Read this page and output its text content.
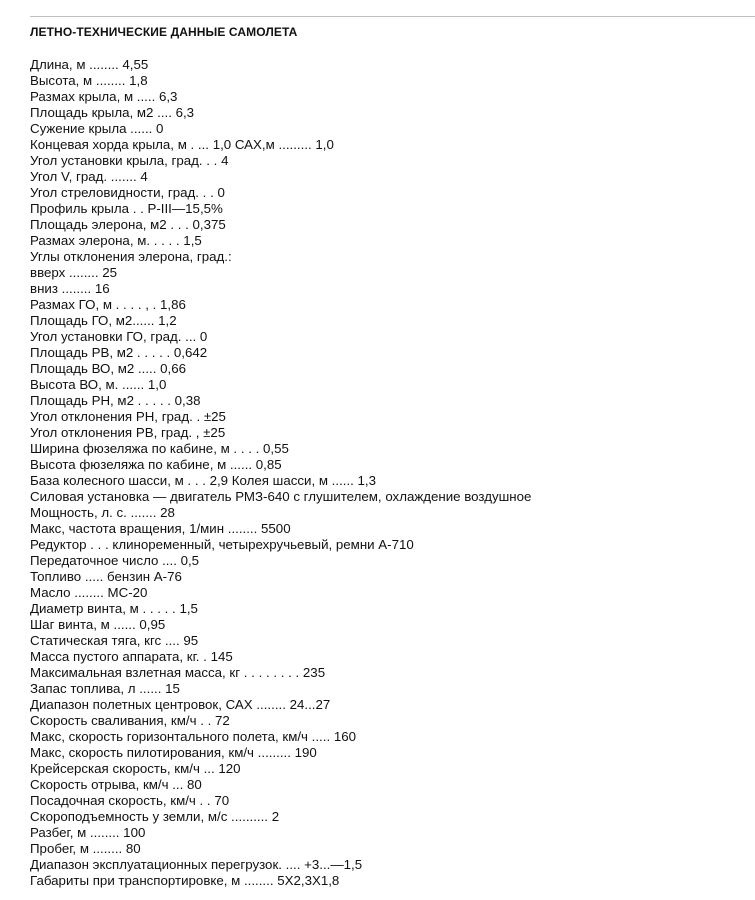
ЛЕТНО-ТЕХНИЧЕСКИЕ ДАННЫЕ САМОЛЕТА
Длина, м ........ 4,55
Высота, м ........ 1,8
Размах крыла, м ..... 6,3
Площадь крыла, м2 .... 6,3
Сужение крыла ...... 0
Концевая хорда крыла, м . ... 1,0 САХ,м ......... 1,0
Угол установки крыла, град. . . 4
Угол V, град. ....... 4
Угол стреловидности, град. . . 0
Профиль крыла . . Р-III—15,5%
Площадь элерона, м2 . . . 0,375
Размах элерона, м. . . . . 1,5
Углы отклонения элерона, град.:
вверх ........ 25
вниз ........ 16
Размах ГО, м . . . . , . 1,86
Площадь ГО, м2...... 1,2
Угол установки ГО, град. ... 0
Площадь РВ, м2 . . . . . 0,642
Площадь ВО, м2 ..... 0,66
Высота ВО, м. ...... 1,0
Площадь РН, м2 . . . . . 0,38
Угол отклонения РН, град. . ±25
Угол отклонения РВ, град. , ±25
Ширина фюзеляжа по кабине, м . . . . 0,55
Высота фюзеляжа по кабине, м ...... 0,85
База колесного шасси, м . . . 2,9 Колея шасси, м ...... 1,3
Силовая установка — двигатель РМЗ-640 с глушителем, охлаждение воздушное
Мощность, л. с. ....... 28
Макс, частота вращения, 1/мин ........ 5500
Редуктор . . . клиноременный, четырехручьевый, ремни А-710
Передаточное число .... 0,5
Топливо ..... бензин А-76
Масло ........ МС-20
Диаметр винта, м . . . . . 1,5
Шаг винта, м ...... 0,95
Статическая тяга, кгс .... 95
Масса пустого аппарата, кг. . 145
Максимальная взлетная масса, кг . . . . . . . . 235
Запас топлива, л ...... 15
Диапазон полетных центровок, САХ ........ 24...27
Скорость сваливания, км/ч . . 72
Макс, скорость горизонтального полета, км/ч ..... 160
Макс, скорость пилотирования, км/ч ......... 190
Крейсерская скорость, км/ч ... 120
Скорость отрыва, км/ч ... 80
Посадочная скорость, км/ч . . 70
Скороподъемность у земли, м/с .......... 2
Разбег, м ........ 100
Пробег, м ........ 80
Диапазон эксплуатационных перегрузок. .... +3...—1,5
Габариты при транспортировке, м ........ 5Х2,3Х1,8
